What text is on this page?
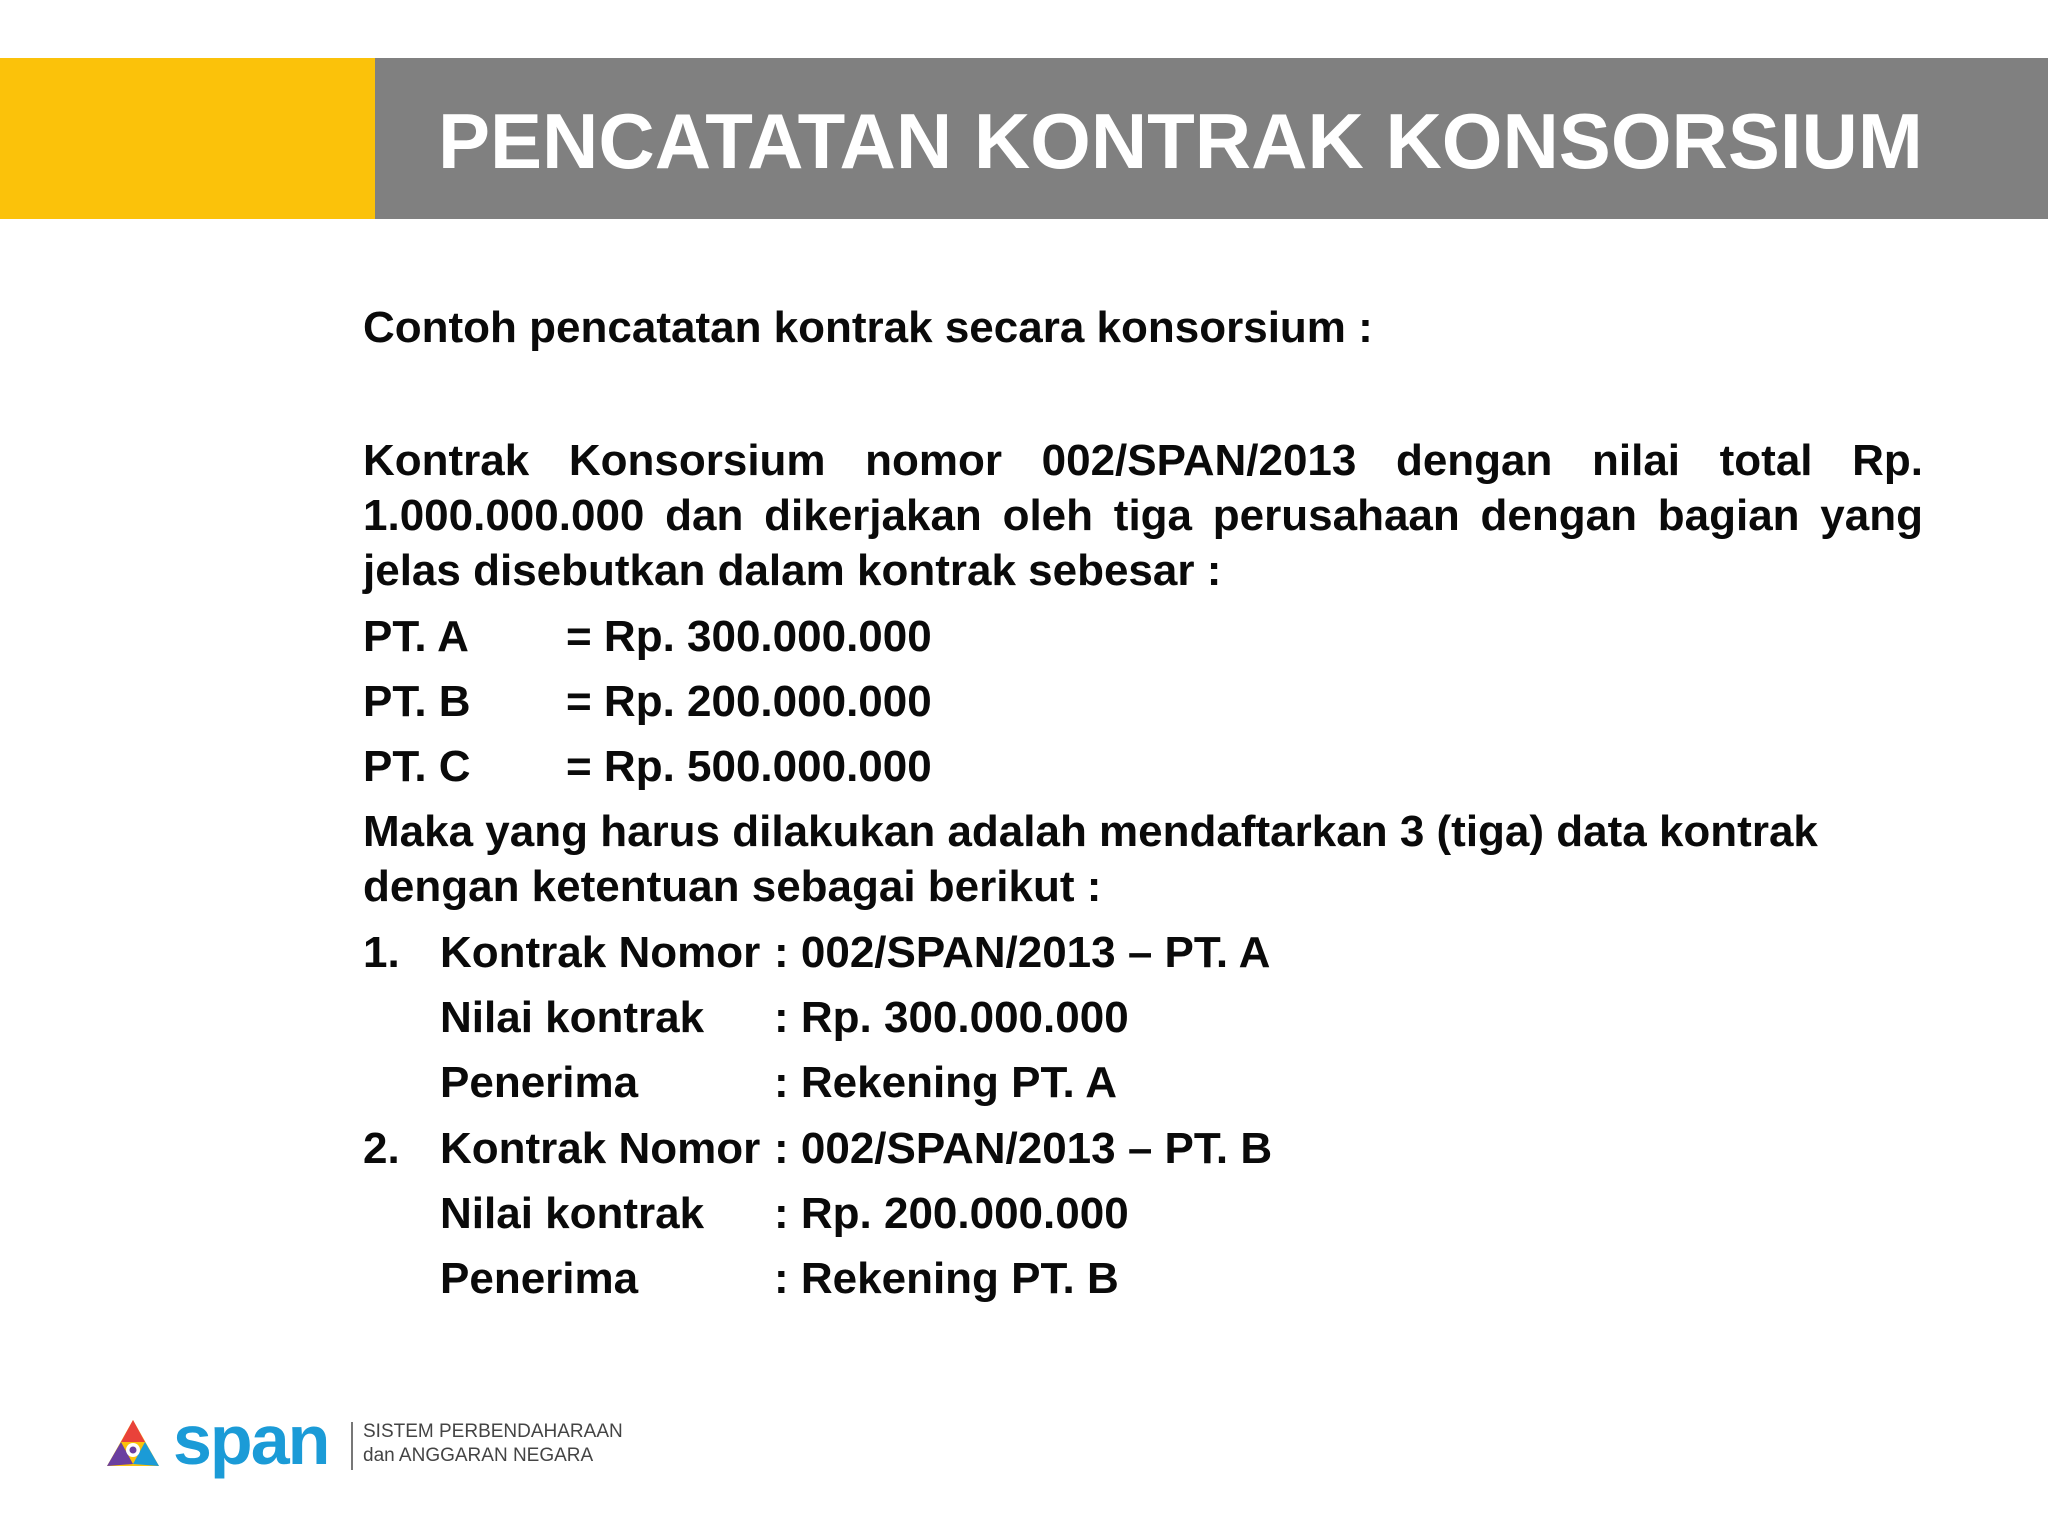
PENCATATAN KONTRAK KONSORSIUM
Contoh pencatatan kontrak secara konsorsium :

Kontrak Konsorsium nomor 002/SPAN/2013 dengan nilai total Rp. 1.000.000.000 dan dikerjakan oleh tiga perusahaan dengan bagian yang jelas disebutkan dalam kontrak sebesar :

PT. A = Rp. 300.000.000
PT. B = Rp. 200.000.000
PT. C = Rp. 500.000.000

Maka yang harus dilakukan adalah mendaftarkan 3 (tiga) data kontrak dengan ketentuan sebagai berikut :

1. Kontrak Nomor : 002/SPAN/2013 – PT. A
Nilai kontrak : Rp. 300.000.000
Penerima	: Rekening PT. A
2. Kontrak Nomor : 002/SPAN/2013 – PT. B
Nilai kontrak : Rp. 200.000.000
Penerima	: Rekening PT. B
span SISTEM PERBENDAHARAAN
dan ANGGARAN NEGARA
